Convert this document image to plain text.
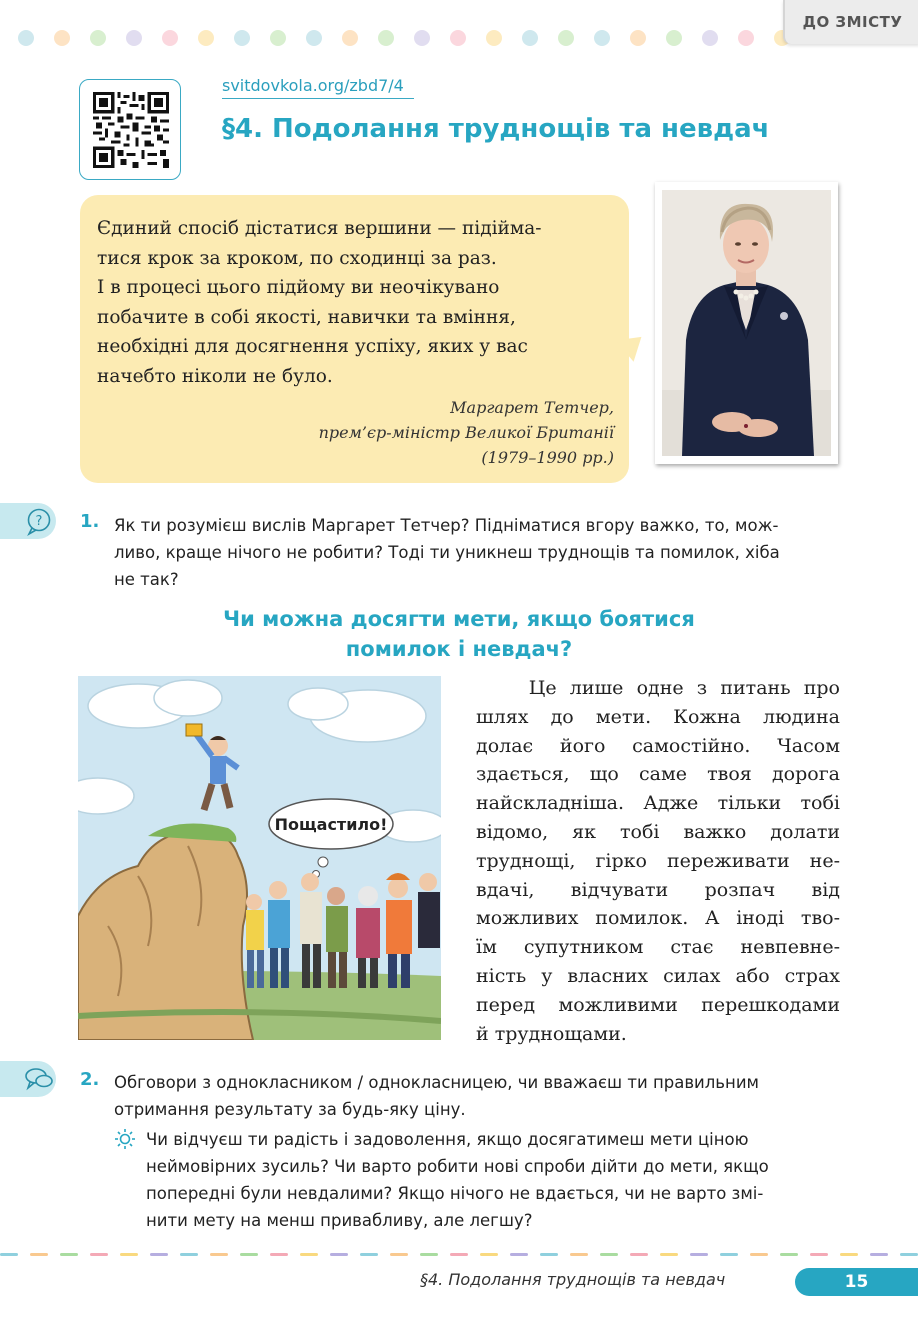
ДО ЗМІСТУ
svitdovkola.org/zbd7/4
§4. Подолання труднощів та невдач
Єдиний спосіб дістатися вершини — підійма-
тися крок за кроком, по сходинці за раз.
І в процесі цього підйому ви неочікувано
побачите в собі якості, навички та вміння,
необхідні для досягнення успіху, яких у вас
начебто ніколи не було.
Маргарет Тетчер,
прем’єр-міністр Великої Британії
(1979–1990 рр.)
? 1. Як ти розумієш вислів Маргарет Тетчер? Підніматися вгору важко, то, мож-
ливо, краще нічого не робити? Тоді ти уникнеш труднощів та помилок, хіба
не так?
Чи можна досягти мети, якщо боятися
помилок і невдач?
Пощастило!
Це лише одне з питань про
шлях до мети. Кожна людина
долає його самостійно. Часом
здається, що саме твоя дорога
найскладніша. Адже тільки тобі
відомо, як тобі важко долати
труднощі, гірко переживати не-
вдачі, відчувати розпач від
можливих помилок. А іноді тво-
їм супутником стає невпевне-
ність у власних силах або страх
перед можливими перешкодами
й труднощами.
2. Обговори з однокласником / однокласницею, чи вважаєш ти правильним
отримання результату за будь-яку ціну.
Чи відчуєш ти радість і задоволення, якщо досягатимеш мети ціною
неймовірних зусиль? Чи варто робити нові спроби дійти до мети, якщо
попередні були невдалими? Якщо нічого не вдається, чи не варто змі-
нити мету на менш привабливу, але легшу?
§4. Подолання труднощів та невдач	15
